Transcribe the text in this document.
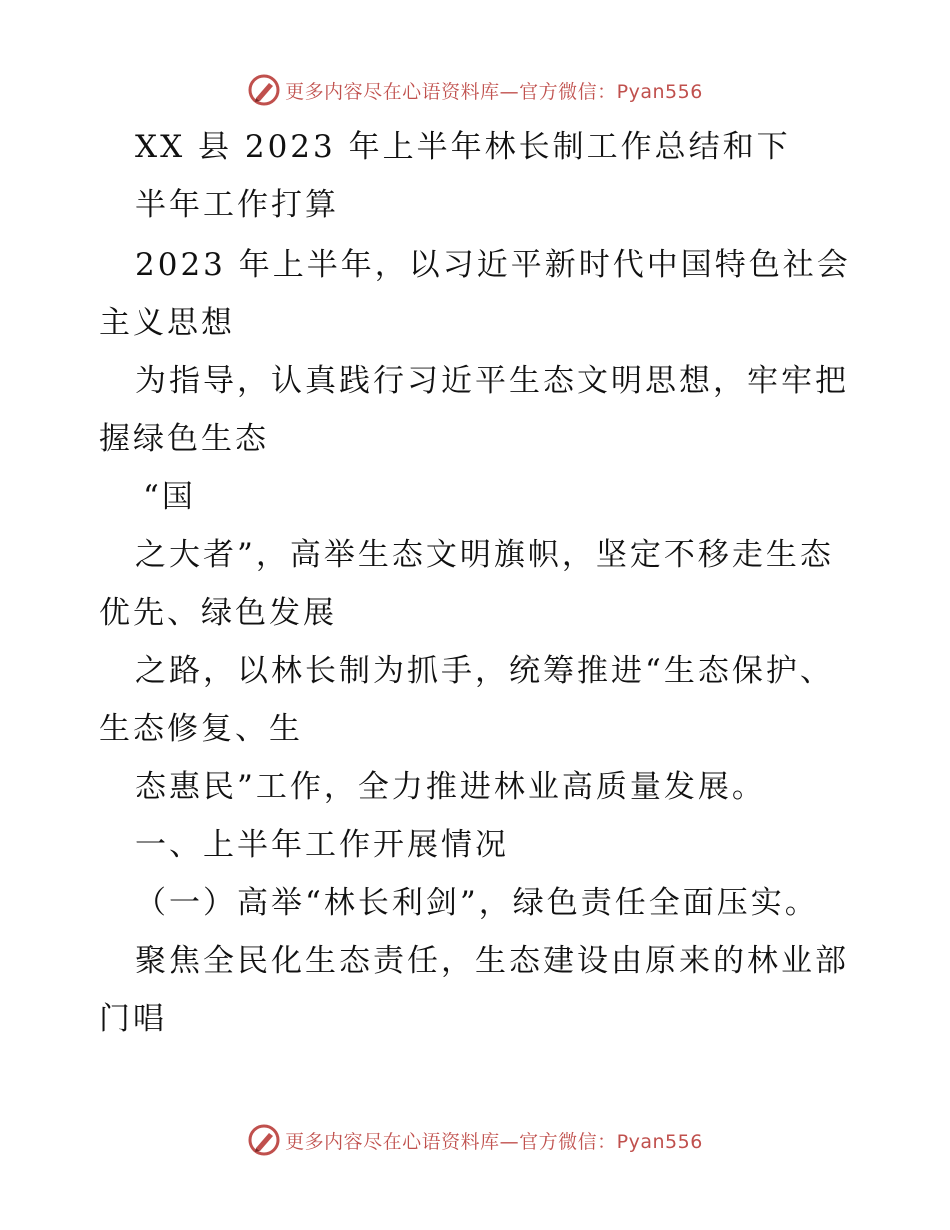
更多内容尽在心语资料库—官方微信：Pyan556
XX 县 2023 年上半年林长制工作总结和下
半年工作打算
2023 年上半年，以习近平新时代中国特色社会
主义思想
为指导，认真践行习近平生态文明思想，牢牢把
握绿色生态
“国
之大者”，高举生态文明旗帜，坚定不移走生态
优先、绿色发展
之路，以林长制为抓手，统筹推进“生态保护、
生态修复、生
态惠民”工作，全力推进林业高质量发展。
一、上半年工作开展情况
（一）高举“林长利剑”，绿色责任全面压实。
聚焦全民化生态责任，生态建设由原来的林业部
门唱
更多内容尽在心语资料库—官方微信：Pyan556
